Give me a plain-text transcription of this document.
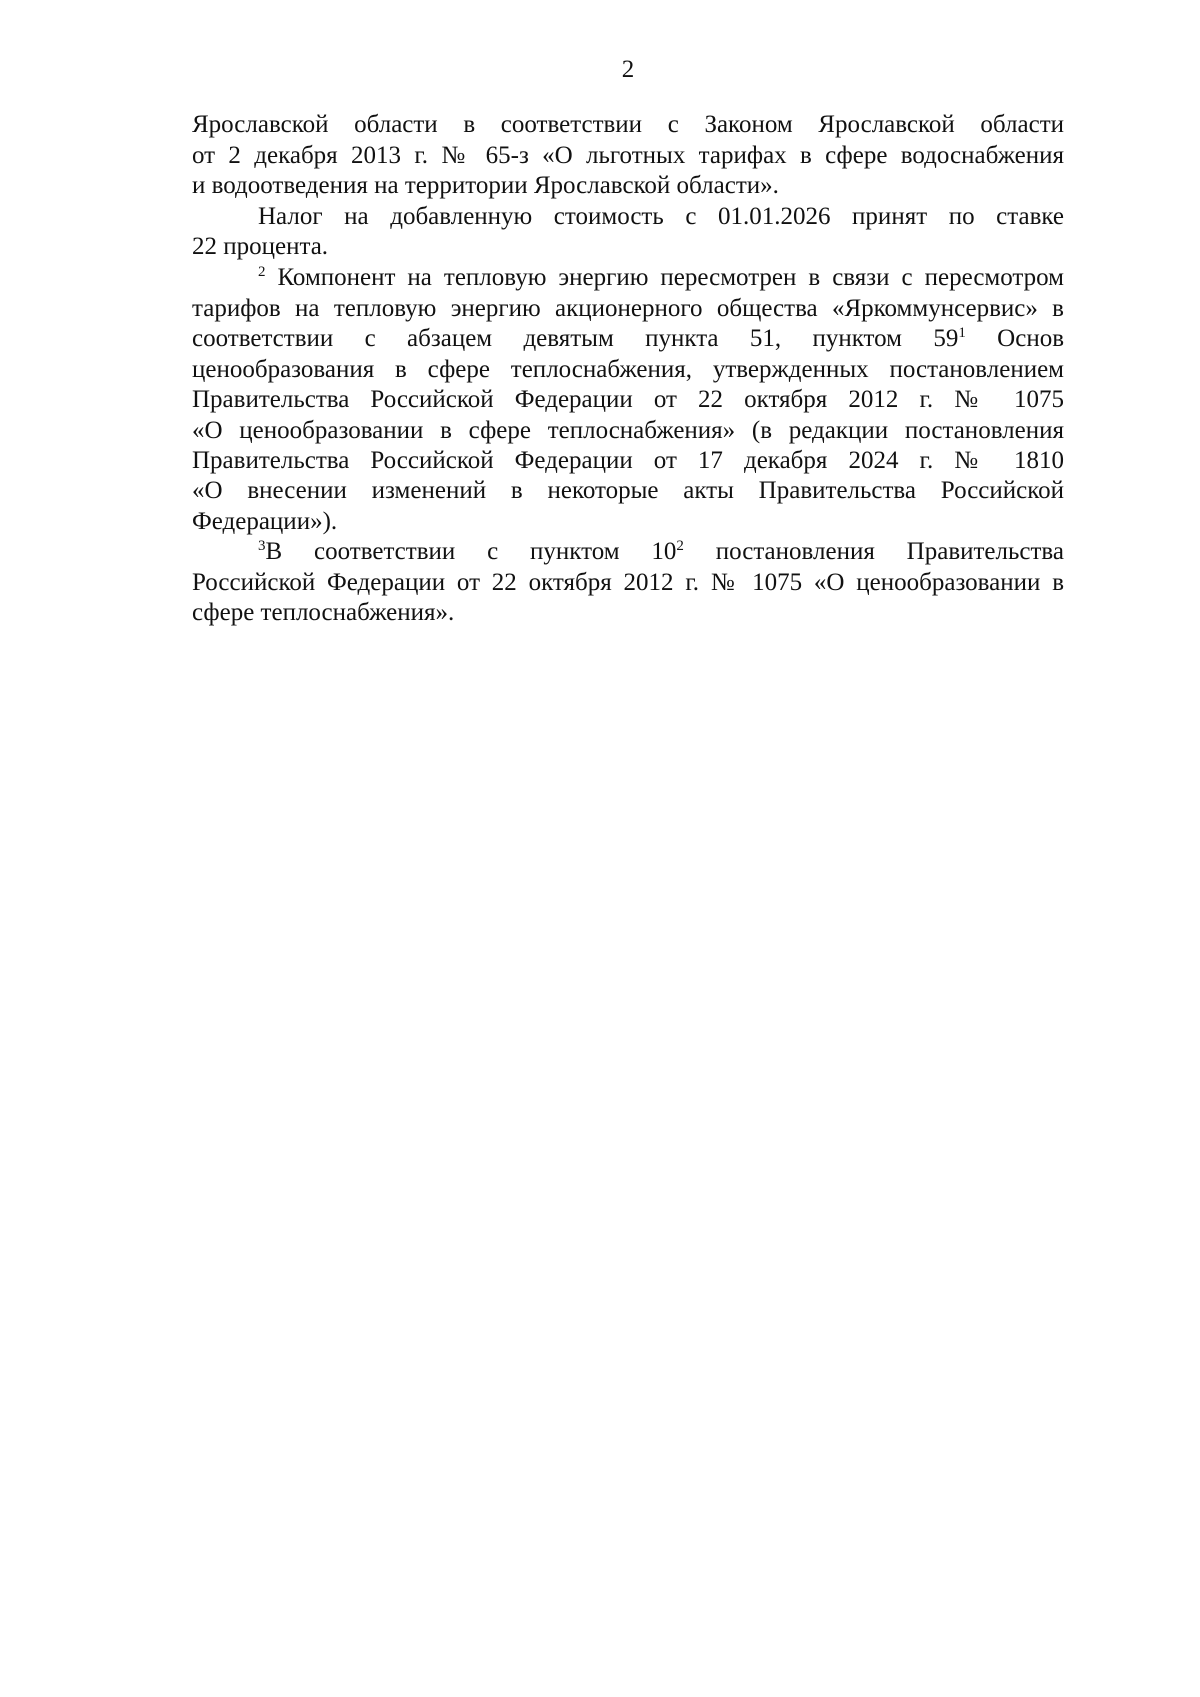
2
Ярославской области в соответствии с Законом Ярославской области
от 2 декабря 2013 г. № 65-з «О льготных тарифах в сфере водоснабжения
и водоотведения на территории Ярославской области».
Налог на добавленную стоимость с 01.01.2026 принят по ставке
22 процента.
$^2$ Компонент на тепловую энергию пересмотрен в связи с пересмотром
тарифов на тепловую энергию акционерного общества «Яркоммунсервис» в
соответствии с абзацем девятым пункта 51, пунктом $59^1$ Основ
ценообразования в сфере теплоснабжения, утвержденных постановлением
Правительства Российской Федерации от 22 октября 2012 г. № 1075
«О ценообразовании в сфере теплоснабжения» (в редакции постановления
Правительства Российской Федерации от 17 декабря 2024 г. № 1810
«О внесении изменений в некоторые акты Правительства Российской
Федерации»).
$^3$В соответствии с пунктом $10^2$ постановления Правительства
Российской Федерации от 22 октября 2012 г. № 1075 «О ценообразовании в
сфере теплоснабжения».
